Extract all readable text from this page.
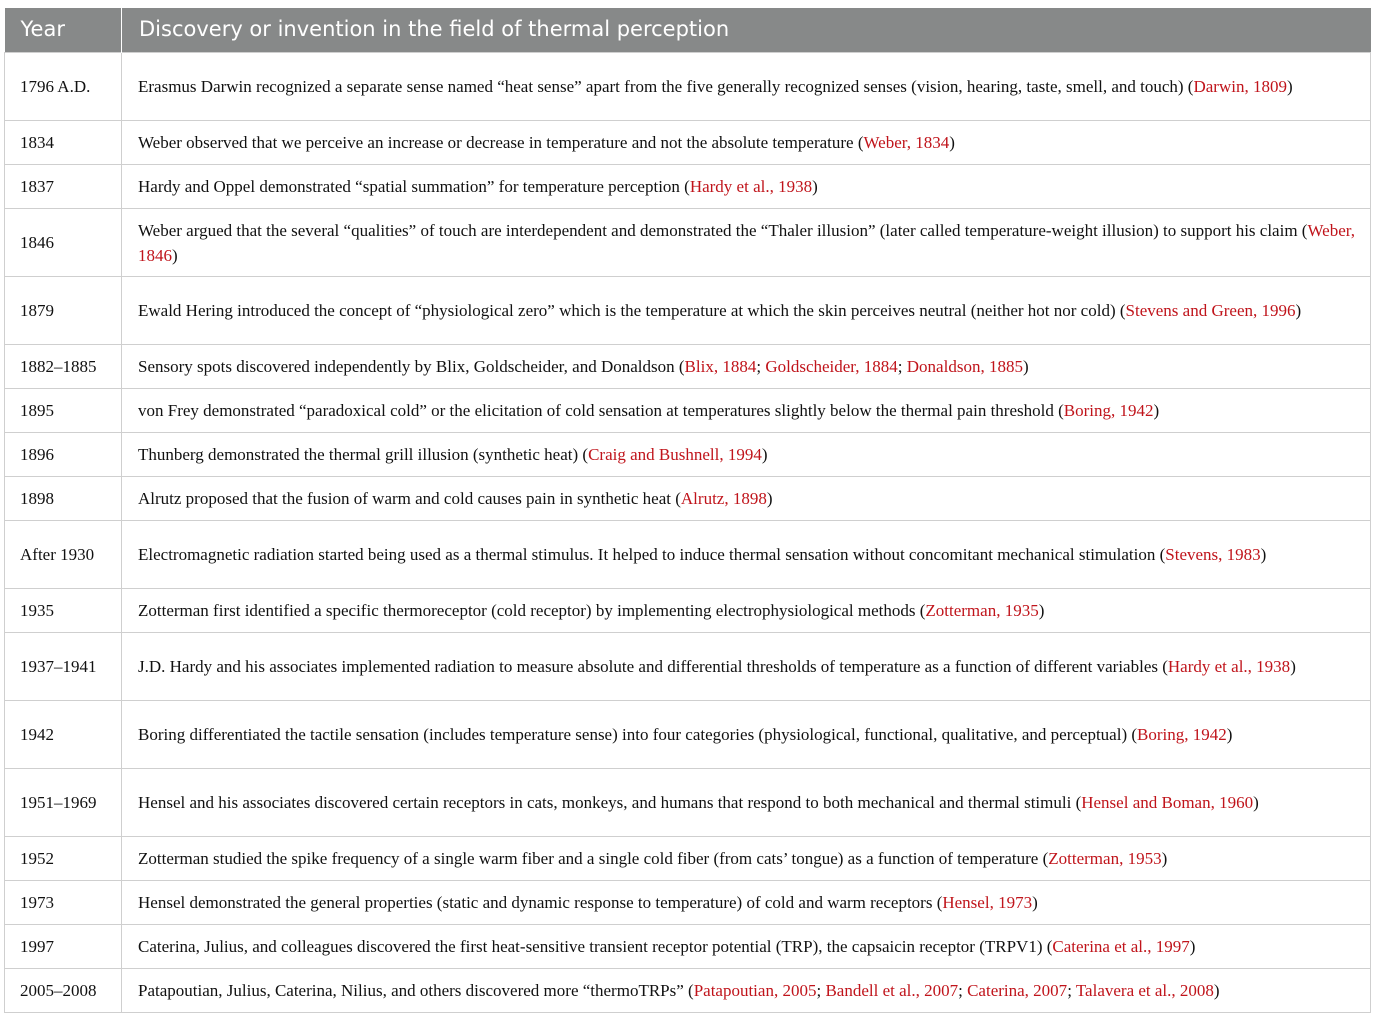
Year	Discovery or invention in the field of thermal perception
1796 A.D.	Erasmus Darwin recognized a separate sense named “heat sense” apart from the five generally recognized senses (vision, hearing, taste, smell, and touch) (Darwin, 1809)
1834	Weber observed that we perceive an increase or decrease in temperature and not the absolute temperature (Weber, 1834)
1837	Hardy and Oppel demonstrated “spatial summation” for temperature perception (Hardy et al., 1938)
1846	Weber argued that the several “qualities” of touch are interdependent and demonstrated the “Thaler illusion” (later called temperature-weight illusion) to support his claim (Weber, 1846)
1879	Ewald Hering introduced the concept of “physiological zero” which is the temperature at which the skin perceives neutral (neither hot nor cold) (Stevens and Green, 1996)
1882–1885	Sensory spots discovered independently by Blix, Goldscheider, and Donaldson (Blix, 1884; Goldscheider, 1884; Donaldson, 1885)
1895	von Frey demonstrated “paradoxical cold” or the elicitation of cold sensation at temperatures slightly below the thermal pain threshold (Boring, 1942)
1896	Thunberg demonstrated the thermal grill illusion (synthetic heat) (Craig and Bushnell, 1994)
1898	Alrutz proposed that the fusion of warm and cold causes pain in synthetic heat (Alrutz, 1898)
After 1930	Electromagnetic radiation started being used as a thermal stimulus. It helped to induce thermal sensation without concomitant mechanical stimulation (Stevens, 1983)
1935	Zotterman first identified a specific thermoreceptor (cold receptor) by implementing electrophysiological methods (Zotterman, 1935)
1937–1941	J.D. Hardy and his associates implemented radiation to measure absolute and differential thresholds of temperature as a function of different variables (Hardy et al., 1938)
1942	Boring differentiated the tactile sensation (includes temperature sense) into four categories (physiological, functional, qualitative, and perceptual) (Boring, 1942)
1951–1969	Hensel and his associates discovered certain receptors in cats, monkeys, and humans that respond to both mechanical and thermal stimuli (Hensel and Boman, 1960)
1952	Zotterman studied the spike frequency of a single warm fiber and a single cold fiber (from cats’ tongue) as a function of temperature (Zotterman, 1953)
1973	Hensel demonstrated the general properties (static and dynamic response to temperature) of cold and warm receptors (Hensel, 1973)
1997	Caterina, Julius, and colleagues discovered the first heat-sensitive transient receptor potential (TRP), the capsaicin receptor (TRPV1) (Caterina et al., 1997)
2005–2008	Patapoutian, Julius, Caterina, Nilius, and others discovered more “thermoTRPs” (Patapoutian, 2005; Bandell et al., 2007; Caterina, 2007; Talavera et al., 2008)
